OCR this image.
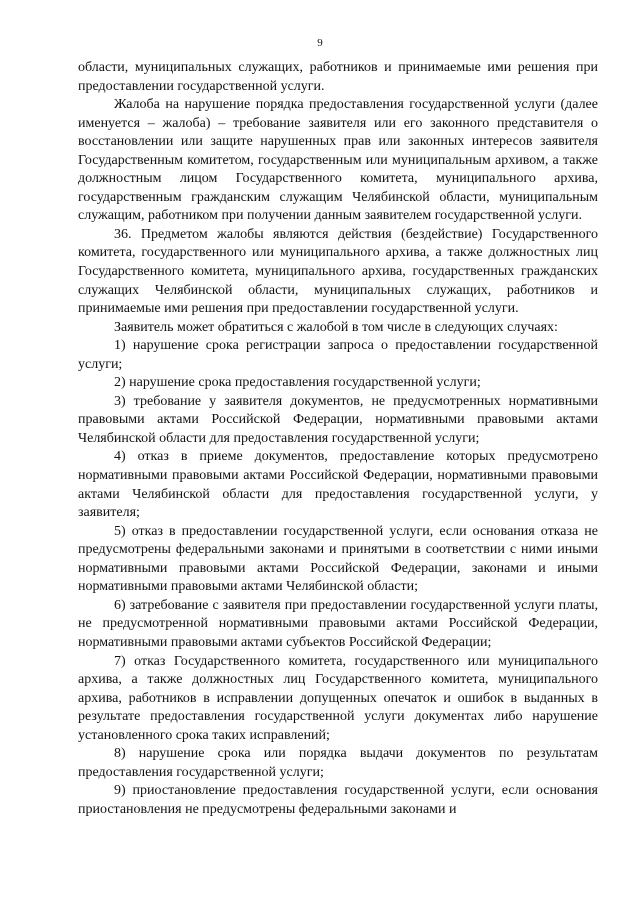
9

области, муниципальных служащих, работников и принимаемые ими решения при предоставлении государственной услуги.

Жалоба на нарушение порядка предоставления государственной услуги (далее именуется – жалоба) – требование заявителя или его законного представителя о восстановлении или защите нарушенных прав или законных интересов заявителя Государственным комитетом, государственным или муниципальным архивом, а также должностным лицом Государственного комитета, муниципального архива, государственным гражданским служащим Челябинской области, муниципальным служащим, работником при получении данным заявителем государственной услуги.

36. Предметом жалобы являются действия (бездействие) Государственного комитета, государственного или муниципального архива, а также должностных лиц Государственного комитета, муниципального архива, государственных гражданских служащих Челябинской области, муниципальных служащих, работников и принимаемые ими решения при предоставлении государственной услуги.

Заявитель может обратиться с жалобой в том числе в следующих случаях:

1) нарушение срока регистрации запроса о предоставлении государственной услуги;

2) нарушение срока предоставления государственной услуги;

3) требование у заявителя документов, не предусмотренных нормативными правовыми актами Российской Федерации, нормативными правовыми актами Челябинской области для предоставления государственной услуги;

4) отказ в приеме документов, предоставление которых предусмотрено нормативными правовыми актами Российской Федерации, нормативными правовыми актами Челябинской области для предоставления государственной услуги, у заявителя;

5) отказ в предоставлении государственной услуги, если основания отказа не предусмотрены федеральными законами и принятыми в соответствии с ними иными нормативными правовыми актами Российской Федерации, законами и иными нормативными правовыми актами Челябинской области;

6) затребование с заявителя при предоставлении государственной услуги платы, не предусмотренной нормативными правовыми актами Российской Федерации, нормативными правовыми актами субъектов Российской Федерации;

7) отказ Государственного комитета, государственного или муниципального архива, а также должностных лиц Государственного комитета, муниципального архива, работников в исправлении допущенных опечаток и ошибок в выданных в результате предоставления государственной услуги документах либо нарушение установленного срока таких исправлений;

8) нарушение срока или порядка выдачи документов по результатам предоставления государственной услуги;

9) приостановление предоставления государственной услуги, если основания приостановления не предусмотрены федеральными законами и
